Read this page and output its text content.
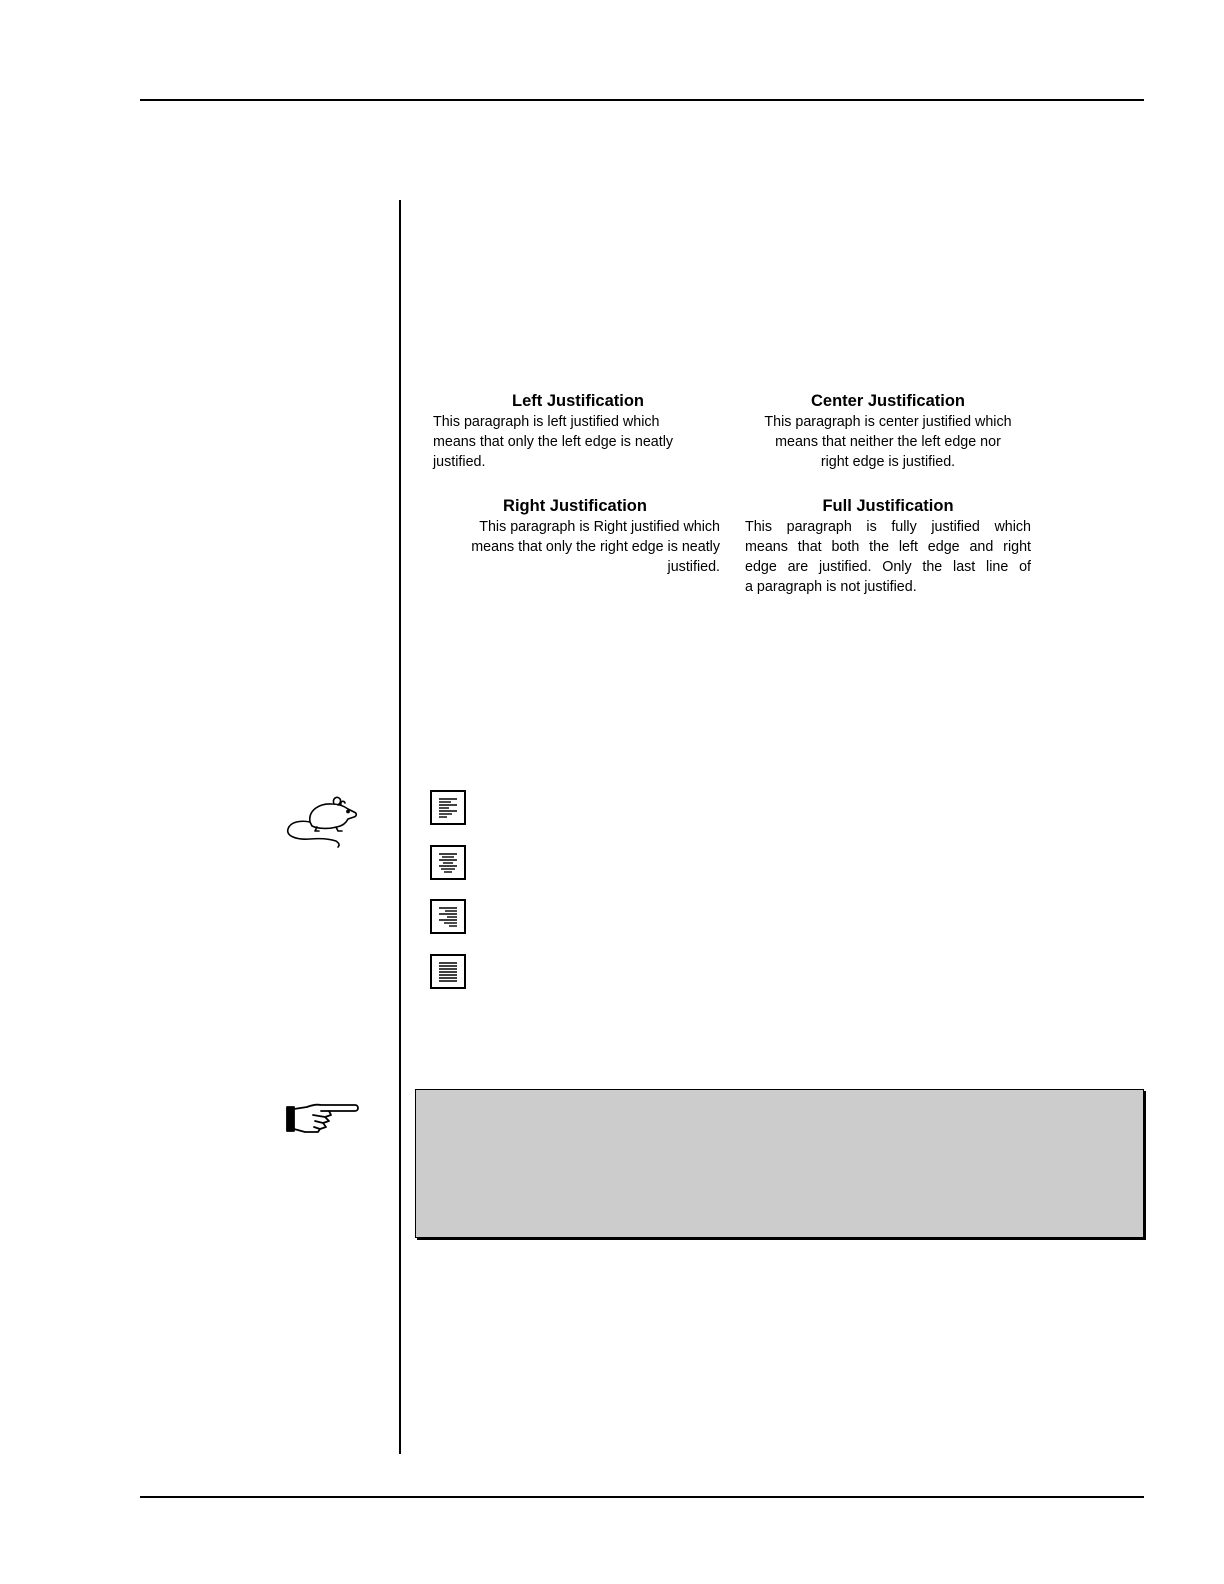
Left Justification
This paragraph is left justified which
means that only the left edge is neatly
justified.
Center Justification
This paragraph is center justified which
means that neither the left edge nor
right edge is justified.
Right Justification
This paragraph is Right justified which
means that only the right edge is neatly
justified.
Full Justification
This paragraph is fully justified which
means that both the left edge and right
edge are justified. Only the last line of
a paragraph is not justified.
